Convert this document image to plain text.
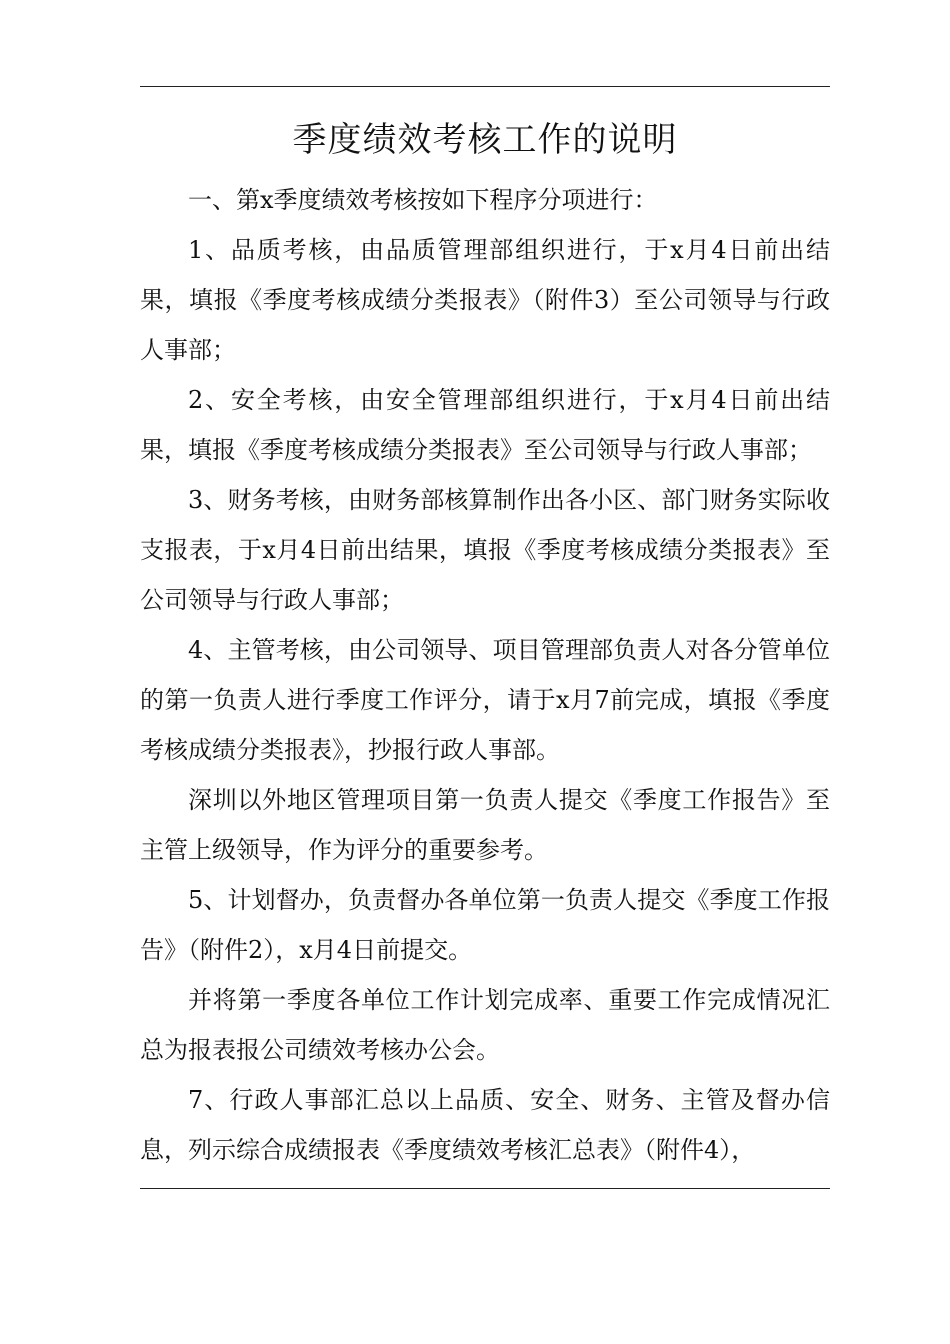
季度绩效考核工作的说明

一、第x季度绩效考核按如下程序分项进行：

1、品质考核，由品质管理部组织进行，于x月4日前出结果，填报《季度考核成绩分类报表》（附件3）至公司领导与行政人事部；

2、安全考核，由安全管理部组织进行，于x月4日前出结果，填报《季度考核成绩分类报表》至公司领导与行政人事部；

3、财务考核，由财务部核算制作出各小区、部门财务实际收支报表，于x月4日前出结果，填报《季度考核成绩分类报表》至公司领导与行政人事部；

4、主管考核，由公司领导、项目管理部负责人对各分管单位的第一负责人进行季度工作评分，请于x月7前完成，填报《季度考核成绩分类报表》，抄报行政人事部。

深圳以外地区管理项目第一负责人提交《季度工作报告》至主管上级领导，作为评分的重要参考。

5、计划督办，负责督办各单位第一负责人提交《季度工作报告》（附件2），x月4日前提交。

并将第一季度各单位工作计划完成率、重要工作完成情况汇总为报表报公司绩效考核办公会。

7、行政人事部汇总以上品质、安全、财务、主管及督办信息，列示综合成绩报表《季度绩效考核汇总表》（附件4），
